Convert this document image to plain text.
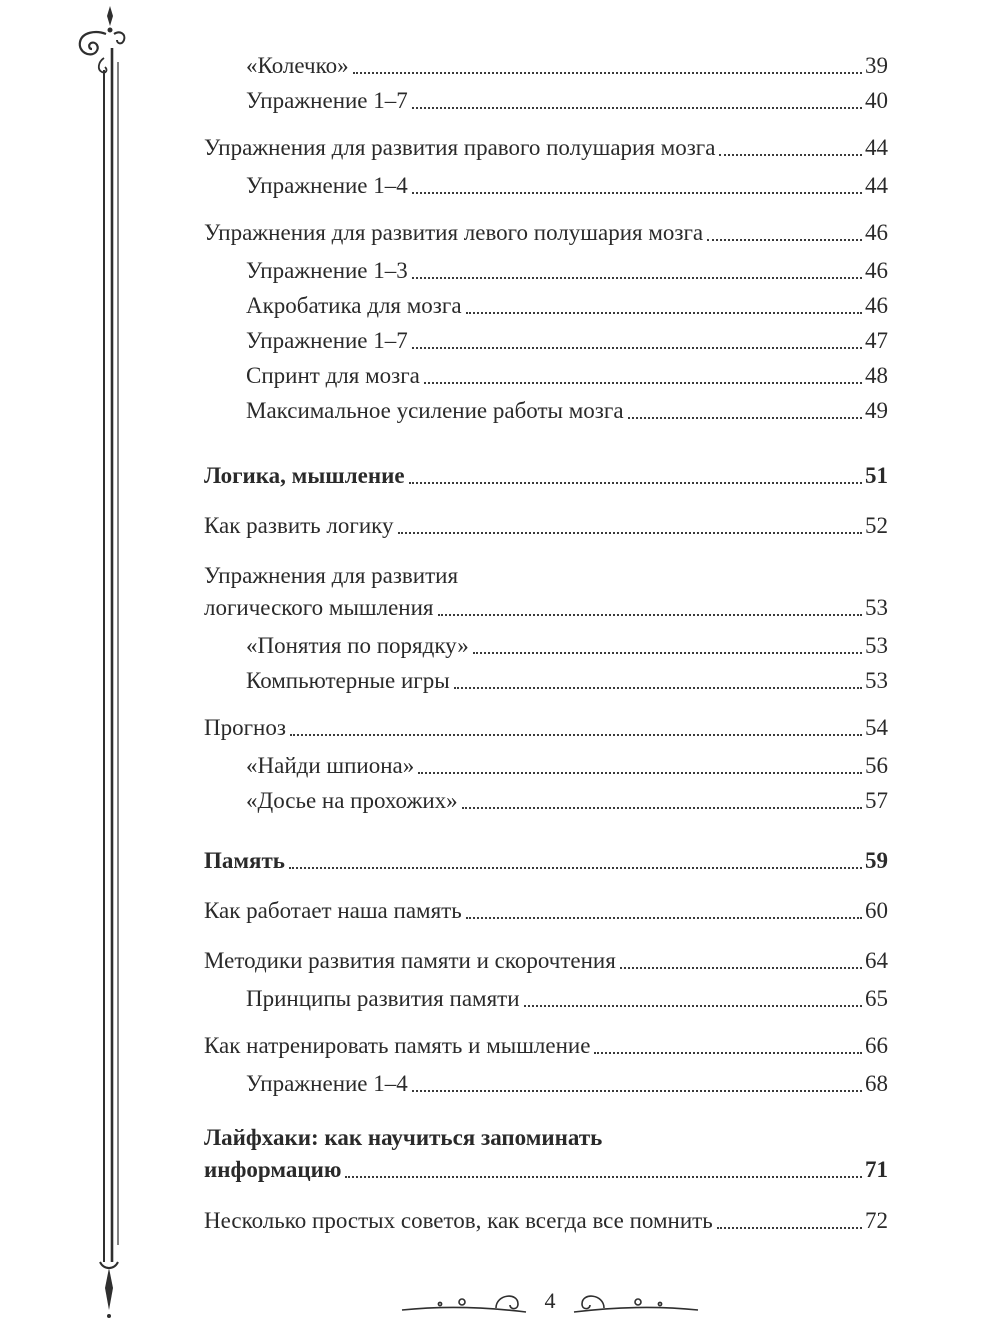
«Колечко»	39
Упражнение 1–7	40
Упражнения для развития правого полушария мозга	44
Упражнение 1–4	44
Упражнения для развития левого полушария мозга	46
Упражнение 1–3	46
Акробатика для мозга	46
Упражнение 1–7	47
Спринт для мозга	48
Максимальное усиление работы мозга	49
Логика, мышление	51
Как развить логику	52
Упражнения для развития
логического мышления	53
«Понятия по порядку»	53
Компьютерные игры	53
Прогноз	54
«Найди шпиона»	56
«Досье на прохожих»	57
Память	59
Как работает наша память	60
Методики развития памяти и скорочтения	64
Принципы развития памяти	65
Как натренировать память и мышление	66
Упражнение 1–4	68
Лайфхаки: как научиться запоминать
информацию	71
Несколько простых советов, как всегда все помнить	72
4
